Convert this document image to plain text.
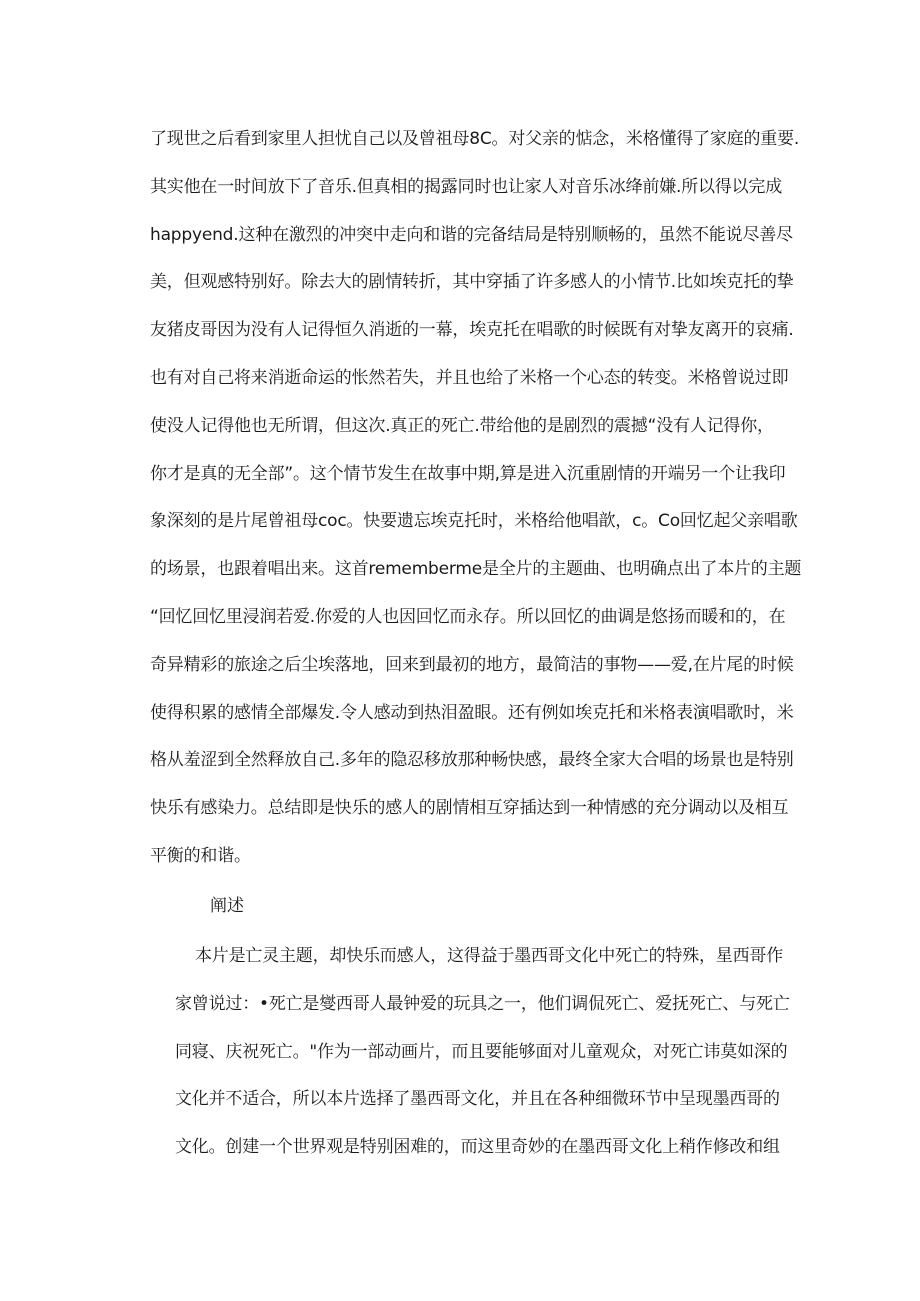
了现世之后看到家里人担忧自己以及曾祖母8C。对父亲的惦念，米格懂得了家庭的重要.
其实他在一时间放下了音乐.但真相的揭露同时也让家人对音乐冰绛前嫌.所以得以完成
happyend.这种在激烈的冲突中走向和谐的完备结局是特别顺畅的，虽然不能说尽善尽
美，但观感特别好。除去大的剧情转折，其中穿插了许多感人的小情节.比如埃克托的挚
友猪皮哥因为没有人记得恒久消逝的一幕，埃克托在唱歌的时候既有对挚友离开的哀痛.
也有对自己将来消逝命运的怅然若失，并且也给了米格一个心态的转变。米格曾说过即
使没人记得他也无所谓，但这次.真正的死亡.带给他的是剧烈的震撼“没有人记得你，
你才是真的无全部”。这个情节发生在故事中期,算是进入沉重剧情的开端另一个让我印
象深刻的是片尾曾祖母coc。快要遗忘埃克托时，米格给他唱歆，c。Co回忆起父亲唱歌
的场景，也跟着唱出来。这首rememberme是全片的主题曲、也明确点出了本片的主题
“回忆回忆里浸润若爱.你爱的人也因回忆而永存。所以回忆的曲调是悠扬而暖和的，在
奇异精彩的旅途之后尘埃落地，回来到最初的地方，最简洁的事物——爱,在片尾的时候
使得积累的感情全部爆发.令人感动到热泪盈眼。还有例如埃克托和米格表演唱歌时，米
格从羞涩到全然释放自己.多年的隐忍移放那种畅快感，最终全家大合唱的场景也是特别
快乐有感染力。总结即是快乐的感人的剧情相互穿插达到一种情感的充分调动以及相互
平衡的和谐。
阐述
本片是亡灵主题，却快乐而感人，这得益于墨西哥文化中死亡的特殊，星西哥作
家曾说过：•死亡是燮西哥人最钟爱的玩具之一，他们调侃死亡、爱抚死亡、与死亡
同寝、庆祝死亡。"作为一部动画片，而且要能够面对儿童观众，对死亡讳莫如深的
文化并不适合，所以本片选择了墨西哥文化，并且在各种细微环节中呈现墨西哥的
文化。创建一个世界观是特别困难的，而这里奇妙的在墨西哥文化上稍作修改和组
